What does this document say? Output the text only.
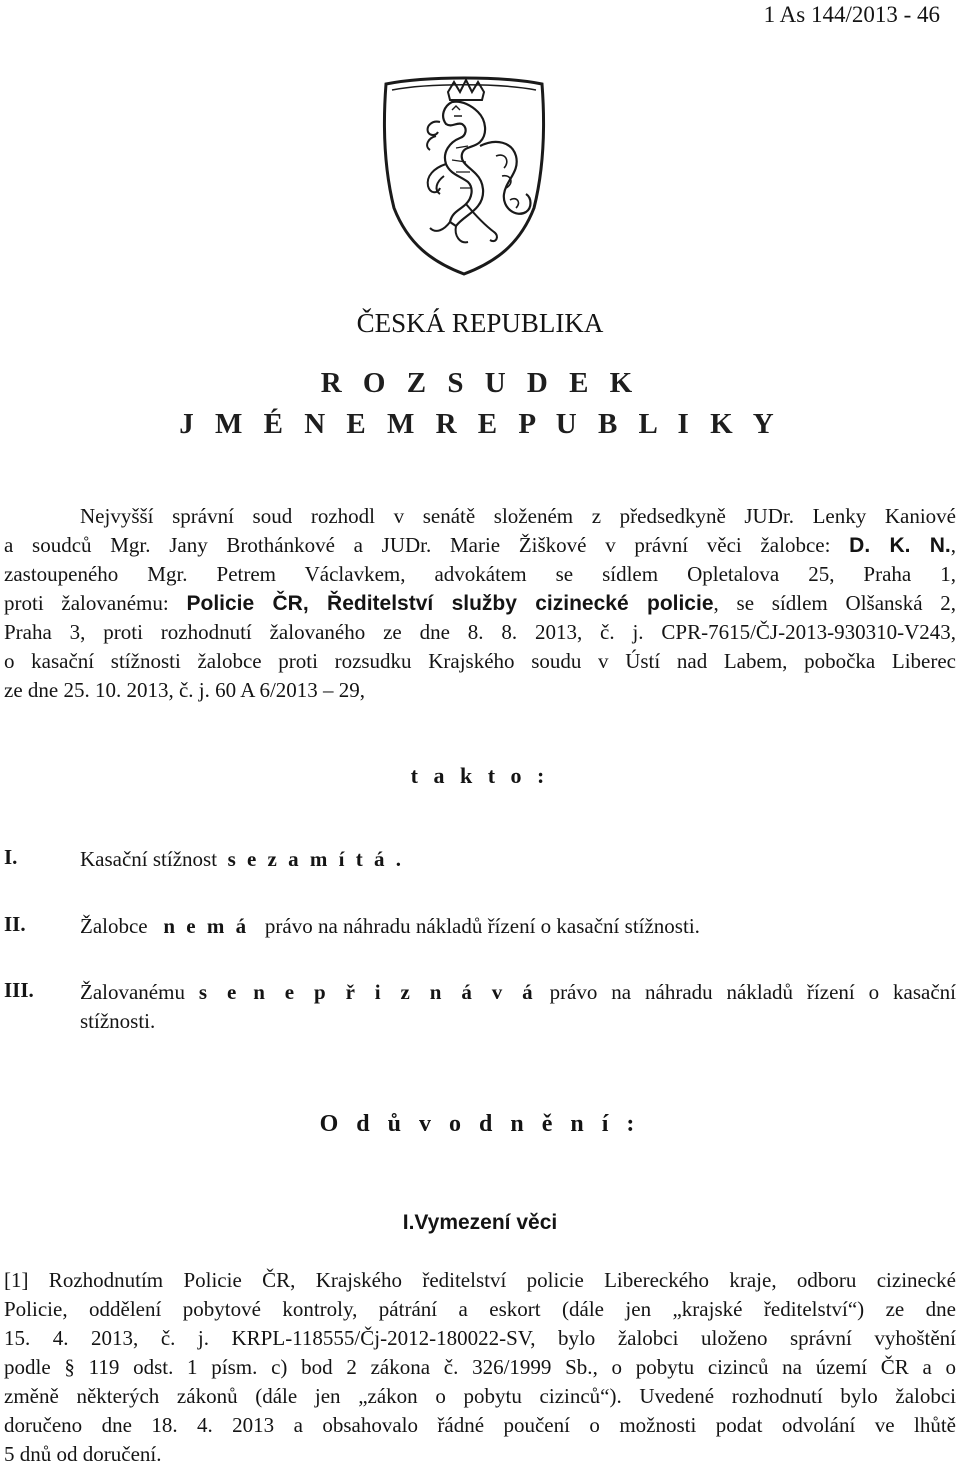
1 As 144/2013 - 46
ČESKÁ REPUBLIKA
R O Z S U D E K
J M É N E M R E P U B L I K Y
Nejvyšší správní soud rozhodl v senátě složeném z předsedkyně JUDr. Lenky Kaniové
a soudců Mgr. Jany Brothánkové a JUDr. Marie Žiškové v právní věci žalobce: D. K. N.,
zastoupeného Mgr. Petrem Václavkem, advokátem se sídlem Opletalova 25, Praha 1,
proti žalovanému: Policie ČR, Ředitelství služby cizinecké policie, se sídlem Olšanská 2,
Praha 3, proti rozhodnutí žalovaného ze dne 8. 8. 2013, č. j. CPR-7615/ČJ-2013-930310-V243,
o kasační stížnosti žalobce proti rozsudku Krajského soudu v Ústí nad Labem, pobočka Liberec
ze dne 25. 10. 2013, č. j. 60 A 6/2013 – 29,
t a k t o :
I.	Kasační stížnost s e z a m í t á .
II.	Žalobce n e m á právo na náhradu nákladů řízení o kasační stížnosti.
III. Žalovanému s e n e p ř i z n á v á právo na náhradu nákladů řízení o kasační
stížnosti.
O d ů v o d n ě n í :
I.Vymezení věci
[1] Rozhodnutím Policie ČR, Krajského ředitelství policie Libereckého kraje, odboru cizinecké
Policie, oddělení pobytové kontroly, pátrání a eskort (dále jen „krajské ředitelství“) ze dne
15. 4. 2013, č. j. KRPL-118555/Čj-2012-180022-SV, bylo žalobci uloženo správní vyhoštění
podle § 119 odst. 1 písm. c) bod 2 zákona č. 326/1999 Sb., o pobytu cizinců na území ČR a o
změně některých zákonů (dále jen „zákon o pobytu cizinců“). Uvedené rozhodnutí bylo žalobci
doručeno dne 18. 4. 2013 a obsahovalo řádné poučení o možnosti podat odvolání ve lhůtě
5 dnů od doručení.
